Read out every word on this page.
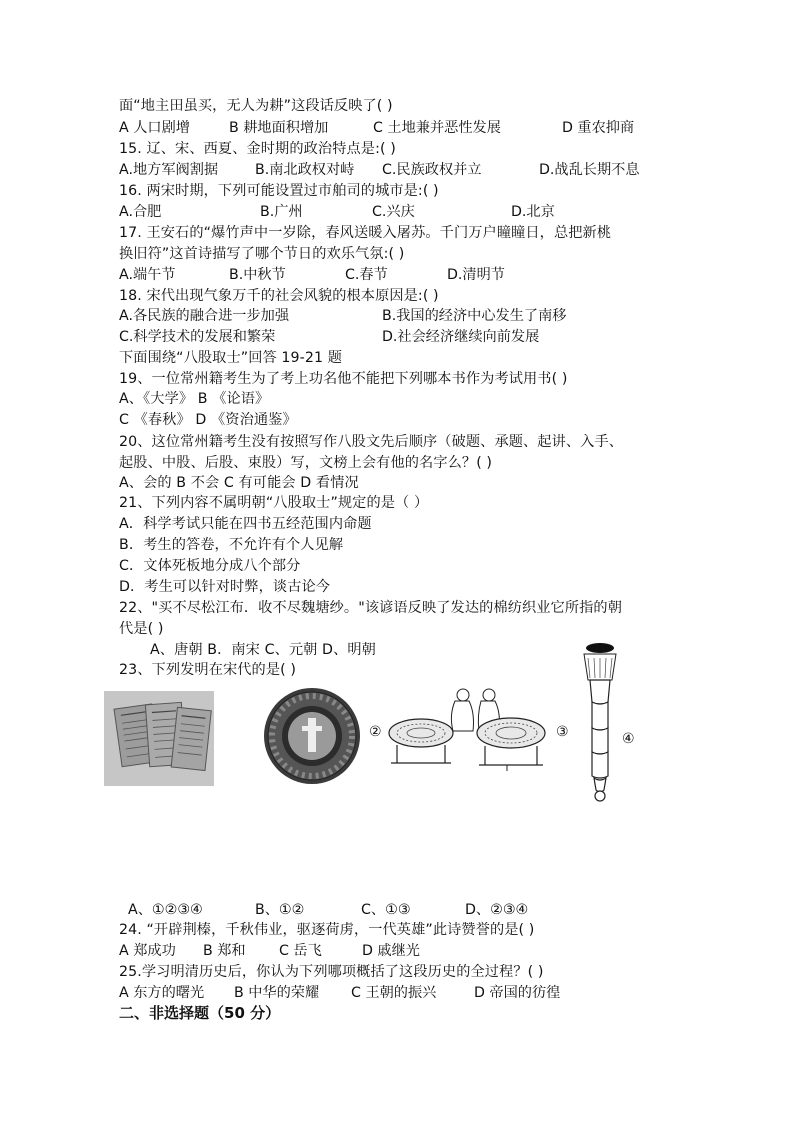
面“地主田虽买，无人为耕”这段话反映了( )
A 人口剧增	B 耕地面积增加	C 土地兼并恶性发展	D 重农抑商
15. 辽、宋、西夏、金时期的政治特点是:( )
A.地方军阀割据	B.南北政权对峙 C.民族政权并立	D.战乱长期不息
16. 两宋时期，下列可能设置过市舶司的城市是:( )
A.合肥	B.广州	C.兴庆	D.北京
17. 王安石的“爆竹声中一岁除，春风送暖入屠苏。千门万户瞳瞳日，总把新桃
换旧符”这首诗描写了哪个节日的欢乐气氛:( )
A.端午节	B.中秋节	C.春节	D.清明节
18. 宋代出现气象万千的社会风貌的根本原因是:( )
A.各民族的融合进一步加强	B.我国的经济中心发生了南移
C.科学技术的发展和繁荣	D.社会经济继续向前发展
下面围绕“八股取士”回答 19-21 题
19、一位常州籍考生为了考上功名他不能把下列哪本书作为考试用书( )
A、《大学》 B 《论语》
C 《春秋》 D 《资治通鉴》
20、这位常州籍考生没有按照写作八股文先后顺序（破题、承题、起讲、入手、
起股、中股、后股、束股）写，文榜上会有他的名字么？( )
A、会的 B 不会 C 有可能会 D 看情况
21、下列内容不属明朝“八股取士”规定的是（ ）
A．科学考试只能在四书五经范围内命题
B．考生的答卷，不允许有个人见解
C．文体死板地分成八个部分
D．考生可以针对时弊，谈古论今
22、"买不尽松江布．收不尽魏塘纱。"该谚语反映了发达的棉纺织业它所指的朝
代是( )
A、唐朝 B．南宋 C、元朝 D、明朝
23、下列发明在宋代的是( )
②	③	④
A、①②③④	B、①②	C、①③	D、②③④
24. “开辟荆榛，千秋伟业，驱逐荷虏，一代英雄”此诗赞誉的是( )
A 郑成功 B 郑和 C 岳飞	D 戚继光
25.学习明清历史后，你认为下列哪项概括了这段历史的全过程？( )
A 东方的曙光 B 中华的荣耀 C 王朝的振兴	D 帝国的彷徨
二、非选择题（50 分）
